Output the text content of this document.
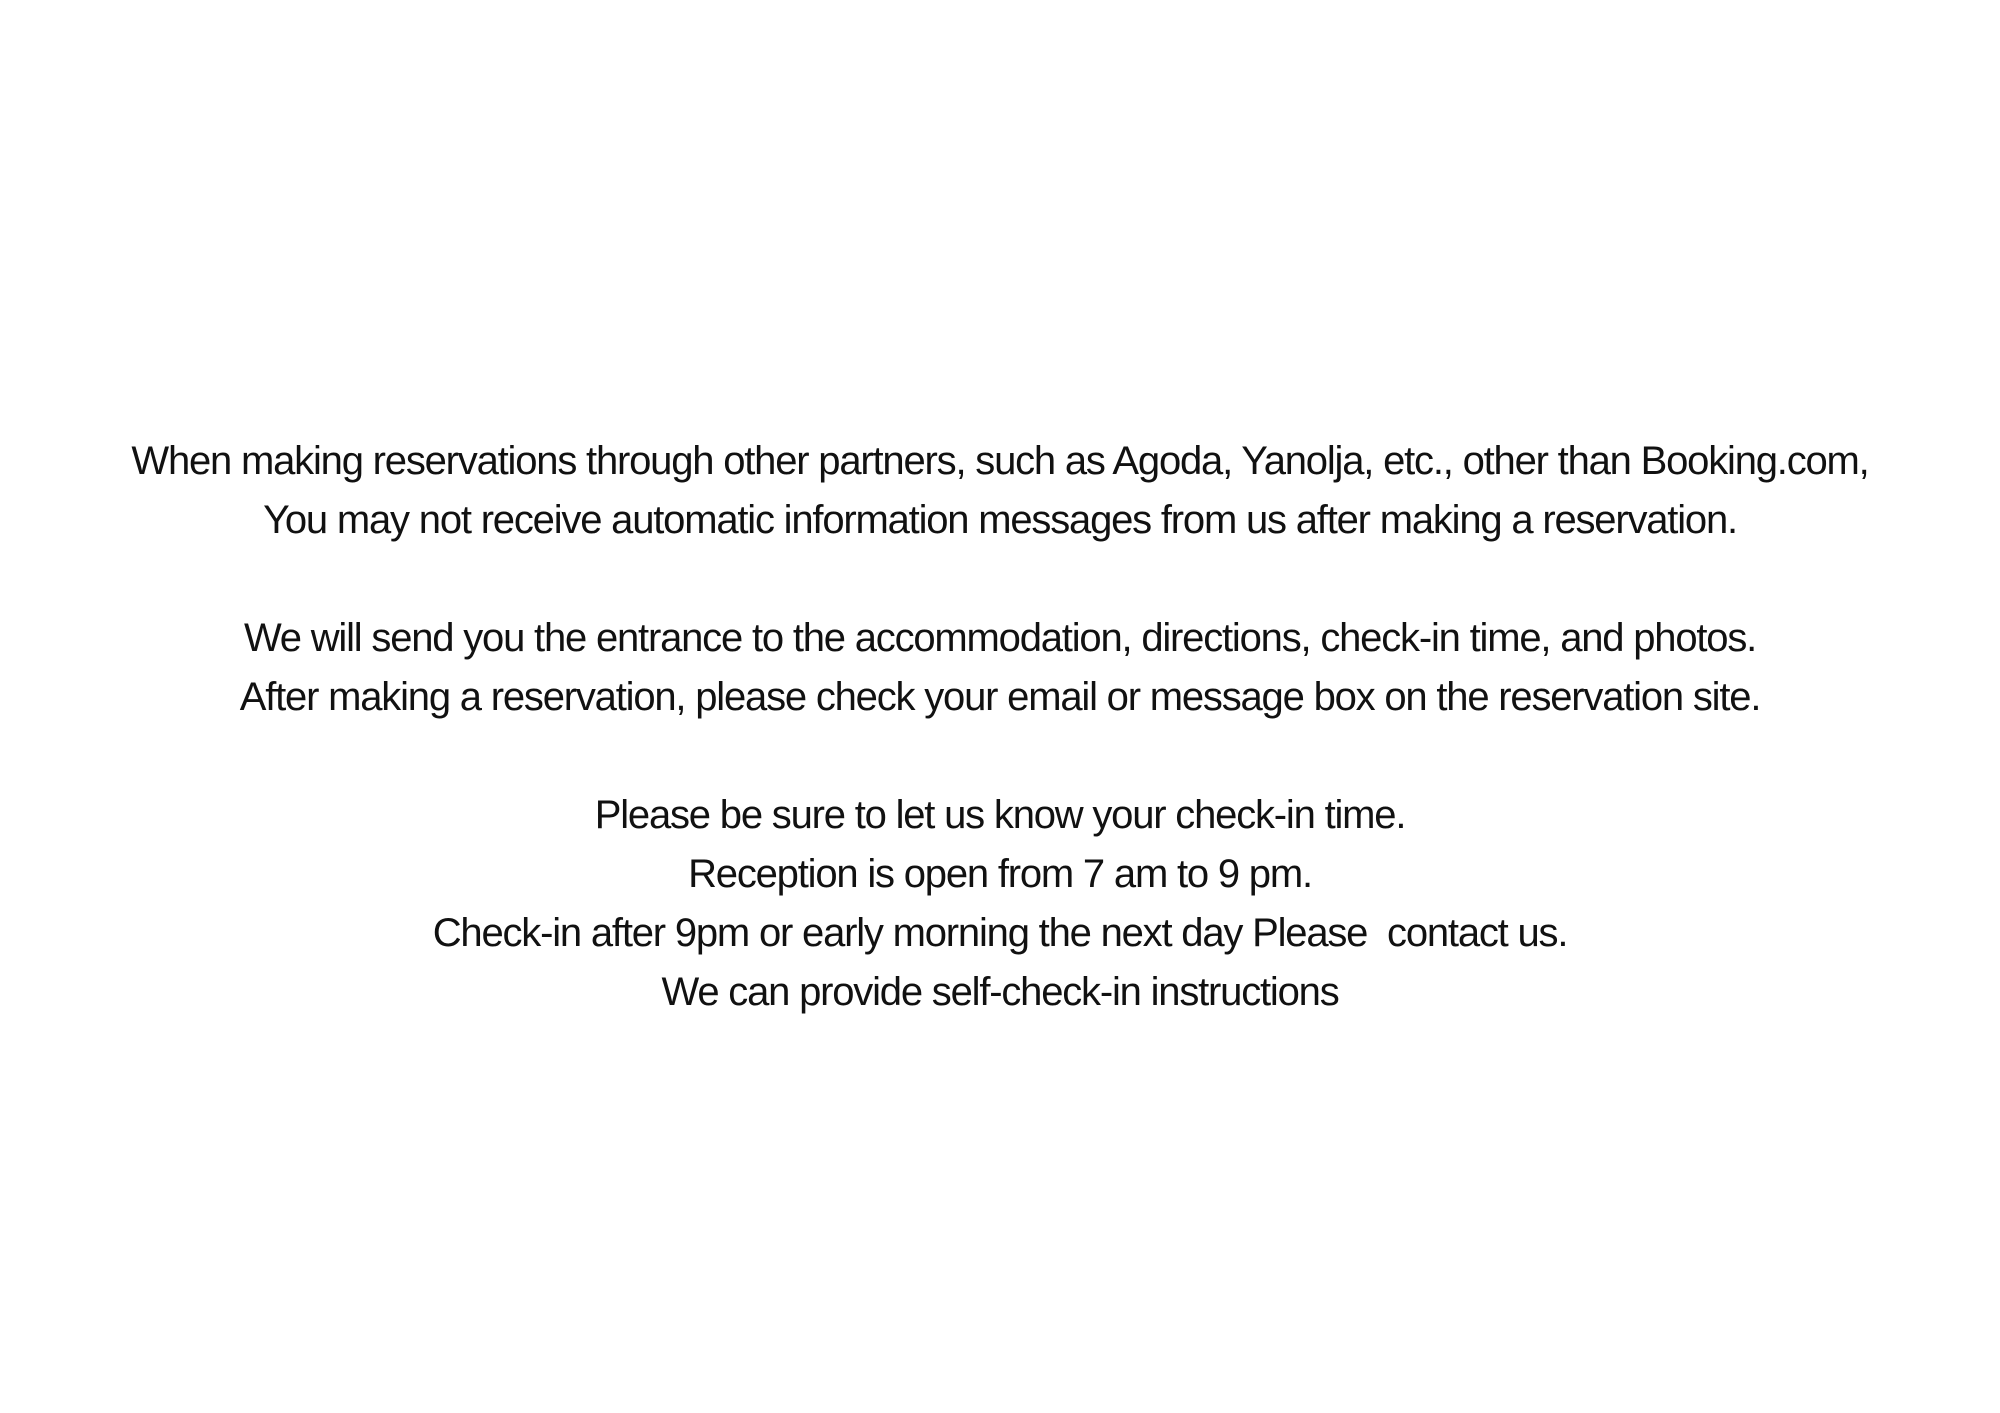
When making reservations through other partners, such as Agoda, Yanolja, etc., other than Booking.com,
You may not receive automatic information messages from us after making a reservation.

We will send you the entrance to the accommodation, directions, check-in time, and photos.
After making a reservation, please check your email or message box on the reservation site.

Please be sure to let us know your check-in time.
Reception is open from 7 am to 9 pm.
Check-in after 9pm or early morning the next day Please  contact us.
We can provide self-check-in instructions
